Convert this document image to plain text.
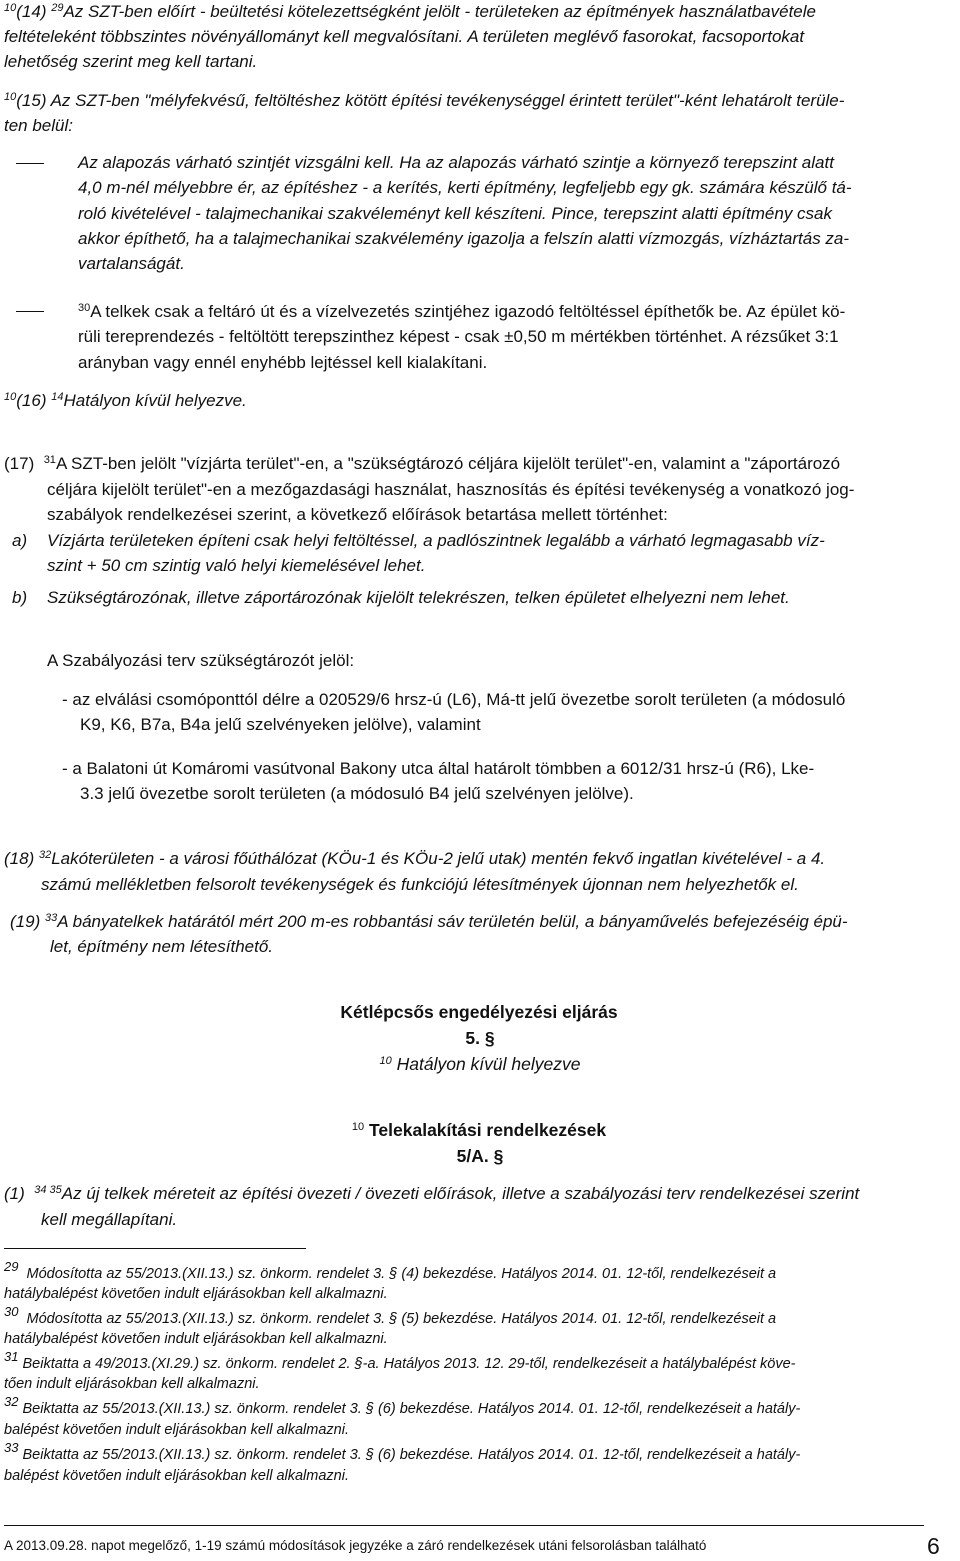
$^{10}$(14) $^{29}$Az SZT-ben előírt - beültetési kötelezettségként jelölt - területeken az építmények használatbavétele
feltételeként többszintes növényállományt kell megvalósítani. A területen meglévő fasorokat, facsoportokat
lehetőség szerint meg kell tartani.
$^{10}$(15) Az SZT-ben "mélyfekvésű, feltöltéshez kötött építési tevékenységgel érintett terület"-ként lehatárolt terüle-
ten belül:
Az alapozás várható szintjét vizsgálni kell. Ha az alapozás várható szintje a környező terepszint alatt
4,0 m-nél mélyebbre ér, az építéshez - a kerítés, kerti építmény, legfeljebb egy gk. számára készülő tá-
roló kivételével - talajmechanikai szakvéleményt kell készíteni. Pince, terepszint alatti építmény csak
akkor építhető, ha a talajmechanikai szakvélemény igazolja a felszín alatti vízmozgás, vízháztartás za-
vartalanságát.
$^{30}$A telkek csak a feltáró út és a vízelvezetés szintjéhez igazodó feltöltéssel építhetők be. Az épület kö-
rüli tereprendezés - feltöltött terepszinthez képest - csak ±0,50 m mértékben történhet. A rézsűket 3:1
arányban vagy ennél enyhébb lejtéssel kell kialakítani.
$^{10}$(16) $^{14}$Hatályon kívül helyezve.
(17) $^{31}$A SZT-ben jelölt "vízjárta terület"-en, a "szükségtározó céljára kijelölt terület"-en, valamint a "záportározó
céljára kijelölt terület"-en a mezőgazdasági használat, hasznosítás és építési tevékenység a vonatkozó jog-
szabályok rendelkezései szerint, a következő előírások betartása mellett történhet:
a) Vízjárta területeken építeni csak helyi feltöltéssel, a padlószintnek legalább a várható legmagasabb víz-
szint + 50 cm szintig való helyi kiemelésével lehet.
b) Szükségtározónak, illetve záportározónak kijelölt telekrészen, telken épületet elhelyezni nem lehet.
A Szabályozási terv szükségtározót jelöl:
- az elválási csomóponttól délre a 020529/6 hrsz-ú (L6), Má-tt jelű övezetbe sorolt területen (a módosuló
K9, K6, B7a, B4a jelű szelvényeken jelölve), valamint
- a Balatoni út Komáromi vasútvonal Bakony utca által határolt tömbben a 6012/31 hrsz-ú (R6), Lke-
3.3 jelű övezetbe sorolt területen (a módosuló B4 jelű szelvényen jelölve).
(18) $^{32}$Lakóterületen - a városi főúthálózat (KÖu-1 és KÖu-2 jelű utak) mentén fekvő ingatlan kivételével - a 4.
számú mellékletben felsorolt tevékenységek és funkciójú létesítmények újonnan nem helyezhetők el.
(19) $^{33}$A bányatelkek határától mért 200 m-es robbantási sáv területén belül, a bányaművelés befejezéséig épü-
let, építmény nem létesíthető.
Kétlépcsős engedélyezési eljárás
5. §
$^{10}$ Hatályon kívül helyezve
$^{10}$ Telekalakítási rendelkezések
5/A. §
(1) $^{34 35}$Az új telkek méreteit az építési övezeti / övezeti előírások, illetve a szabályozási terv rendelkezései szerint
kell megállapítani.
29 Módosította az 55/2013.(XII.13.) sz. önkorm. rendelet 3. § (4) bekezdése. Hatályos 2014. 01. 12-től, rendelkezéseit a
hatálybalépést követően indult eljárásokban kell alkalmazni.
30 Módosította az 55/2013.(XII.13.) sz. önkorm. rendelet 3. § (5) bekezdése. Hatályos 2014. 01. 12-től, rendelkezéseit a
hatálybalépést követően indult eljárásokban kell alkalmazni.
31 Beiktatta a 49/2013.(XI.29.) sz. önkorm. rendelet 2. §-a. Hatályos 2013. 12. 29-től, rendelkezéseit a hatálybalépést köve-
tően indult eljárásokban kell alkalmazni.
32 Beiktatta az 55/2013.(XII.13.) sz. önkorm. rendelet 3. § (6) bekezdése. Hatályos 2014. 01. 12-től, rendelkezéseit a hatály-
balépést követően indult eljárásokban kell alkalmazni.
33 Beiktatta az 55/2013.(XII.13.) sz. önkorm. rendelet 3. § (6) bekezdése. Hatályos 2014. 01. 12-től, rendelkezéseit a hatály-
balépést követően indult eljárásokban kell alkalmazni.
A 2013.09.28. napot megelőző, 1-19 számú módosítások jegyzéke a záró rendelkezések utáni felsorolásban található	6
